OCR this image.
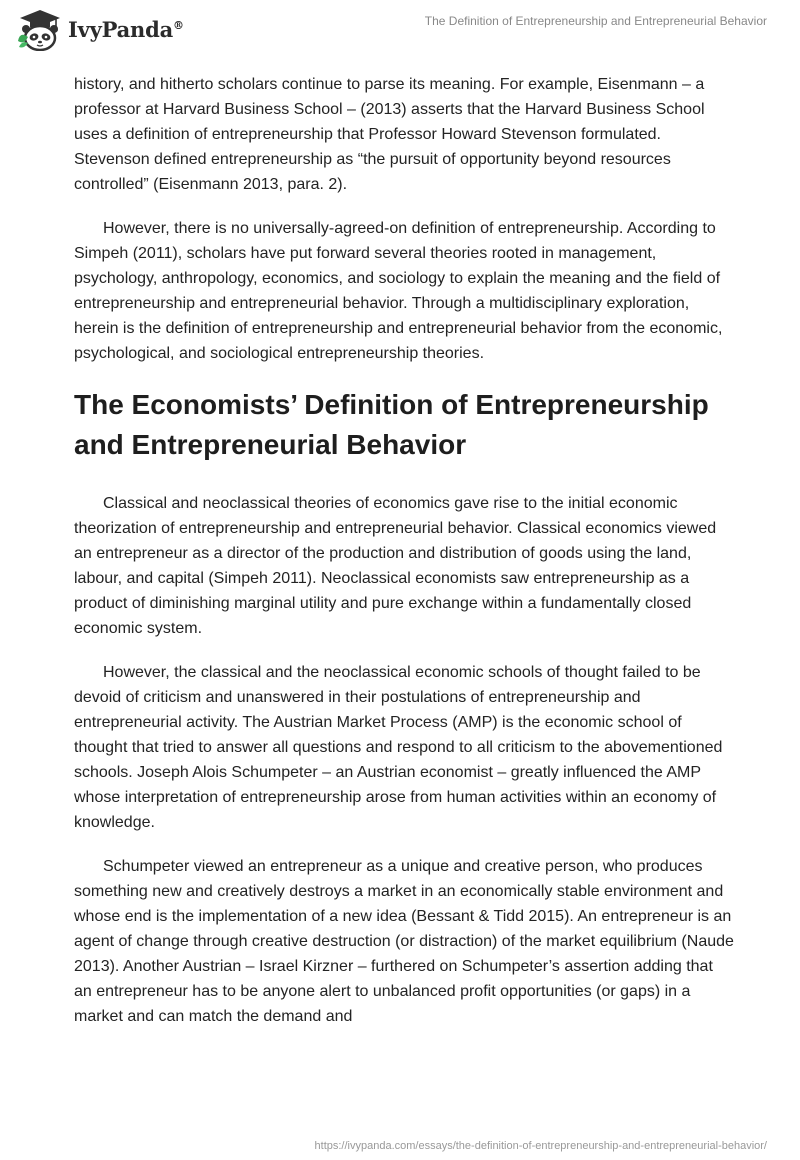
IvyPanda®	The Definition of Entrepreneurship and Entrepreneurial Behavior

history, and hitherto scholars continue to parse its meaning. For example, Eisenmann – a professor at Harvard Business School – (2013) asserts that the Harvard Business School uses a definition of entrepreneurship that Professor Howard Stevenson formulated. Stevenson defined entrepreneurship as “the pursuit of opportunity beyond resources controlled” (Eisenmann 2013, para. 2).

However, there is no universally-agreed-on definition of entrepreneurship. According to Simpeh (2011), scholars have put forward several theories rooted in management, psychology, anthropology, economics, and sociology to explain the meaning and the field of entrepreneurship and entrepreneurial behavior. Through a multidisciplinary exploration, herein is the definition of entrepreneurship and entrepreneurial behavior from the economic, psychological, and sociological entrepreneurship theories.

The Economists’ Definition of Entrepreneurship and Entrepreneurial Behavior

Classical and neoclassical theories of economics gave rise to the initial economic theorization of entrepreneurship and entrepreneurial behavior. Classical economics viewed an entrepreneur as a director of the production and distribution of goods using the land, labour, and capital (Simpeh 2011). Neoclassical economists saw entrepreneurship as a product of diminishing marginal utility and pure exchange within a fundamentally closed economic system.

However, the classical and the neoclassical economic schools of thought failed to be devoid of criticism and unanswered in their postulations of entrepreneurship and entrepreneurial activity. The Austrian Market Process (AMP) is the economic school of thought that tried to answer all questions and respond to all criticism to the abovementioned schools. Joseph Alois Schumpeter – an Austrian economist – greatly influenced the AMP whose interpretation of entrepreneurship arose from human activities within an economy of knowledge.

Schumpeter viewed an entrepreneur as a unique and creative person, who produces something new and creatively destroys a market in an economically stable environment and whose end is the implementation of a new idea (Bessant & Tidd 2015). An entrepreneur is an agent of change through creative destruction (or distraction) of the market equilibrium (Naude 2013). Another Austrian – Israel Kirzner – furthered on Schumpeter’s assertion adding that an entrepreneur has to be anyone alert to unbalanced profit opportunities (or gaps) in a market and can match the demand and

https://ivypanda.com/essays/the-definition-of-entrepreneurship-and-entrepreneurial-behavior/
